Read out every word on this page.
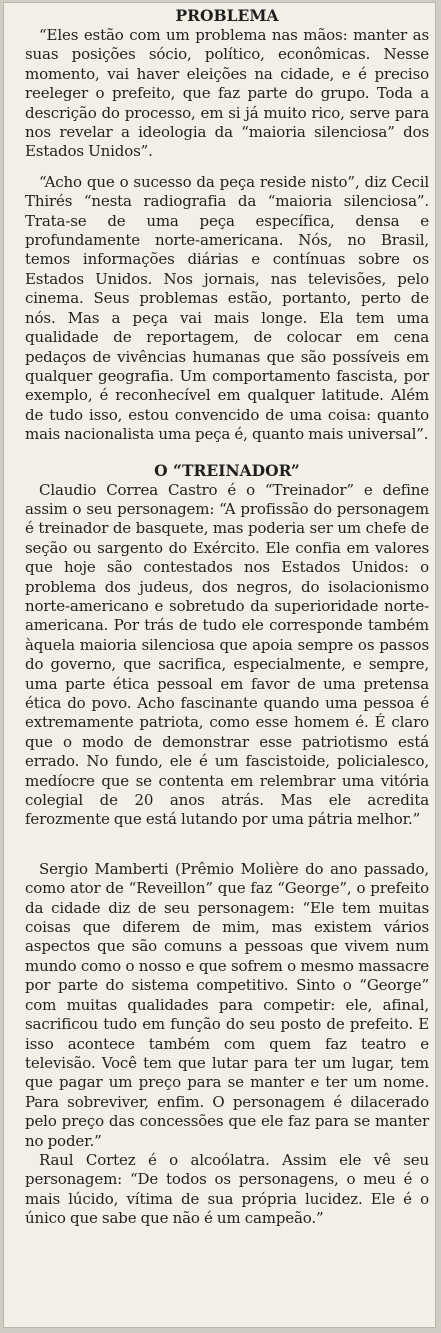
PROBLEMA

“Eles estão com um problema nas mãos: manter as suas posições sócio, político, econômicas. Nesse momento, vai haver eleições na cidade, e é preciso reeleger o prefeito, que faz parte do grupo. Toda a descrição do processo, em si já muito rico, serve para nos revelar a ideologia da “maioria silenciosa” dos Estados Unidos”.

“Acho que o sucesso da peça reside nisto”, diz Cecil Thirés “nesta radiografia da “maioria silenciosa”. Trata-se de uma peça específica, densa e profundamente norte-americana. Nós, no Brasil, temos informações diárias e contínuas sobre os Estados Unidos. Nos jornais, nas televisões, pelo cinema. Seus problemas estão, portanto, perto de nós. Mas a peça vai mais longe. Ela tem uma qualidade de reportagem, de colocar em cena pedaços de vivências humanas que são possíveis em qualquer geografia. Um comportamento fascista, por exemplo, é reconhecível em qualquer latitude. Além de tudo isso, estou convencido de uma coisa: quanto mais nacionalista uma peça é, quanto mais universal”.

O “TREINADOR”

Claudio Correa Castro é o “Treinador” e define assim o seu personagem: “A profissão do personagem é treinador de basquete, mas poderia ser um chefe de seção ou sargento do Exército. Ele confia em valores que hoje são contestados nos Estados Unidos: o problema dos judeus, dos negros, do isolacionismo norte-americano e sobretudo da superioridade norte-americana. Por trás de tudo ele corresponde também àquela maioria silenciosa que apoia sempre os passos do governo, que sacrifica, especialmente, e sempre, uma parte ética pessoal em favor de uma pretensa ética do povo. Acho fascinante quando uma pessoa é extremamente patriota, como esse homem é. É claro que o modo de demonstrar esse patriotismo está errado. No fundo, ele é um fascistoide, policialesco, medíocre que se contenta em relembrar uma vitória colegial de 20 anos atrás. Mas ele acredita ferozmente que está lutando por uma pátria melhor.”

Sergio Mamberti (Prêmio Molière do ano passado, como ator de “Reveillon” que faz “George”, o prefeito da cidade diz de seu personagem: “Ele tem muitas coisas que diferem de mim, mas existem vários aspectos que são comuns a pessoas que vivem num mundo como o nosso e que sofrem o mesmo massacre por parte do sistema competitivo. Sinto o “George” com muitas qualidades para competir: ele, afinal, sacrificou tudo em função do seu posto de prefeito. E isso acontece também com quem faz teatro e televisão. Você tem que lutar para ter um lugar, tem que pagar um preço para se manter e ter um nome. Para sobreviver, enfim. O personagem é dilacerado pelo preço das concessões que ele faz para se manter no poder.”

Raul Cortez é o alcoólatra. Assim ele vê seu personagem: “De todos os personagens, o meu é o mais lúcido, vítima de sua própria lucidez. Ele é o único que sabe que não é um campeão.”
